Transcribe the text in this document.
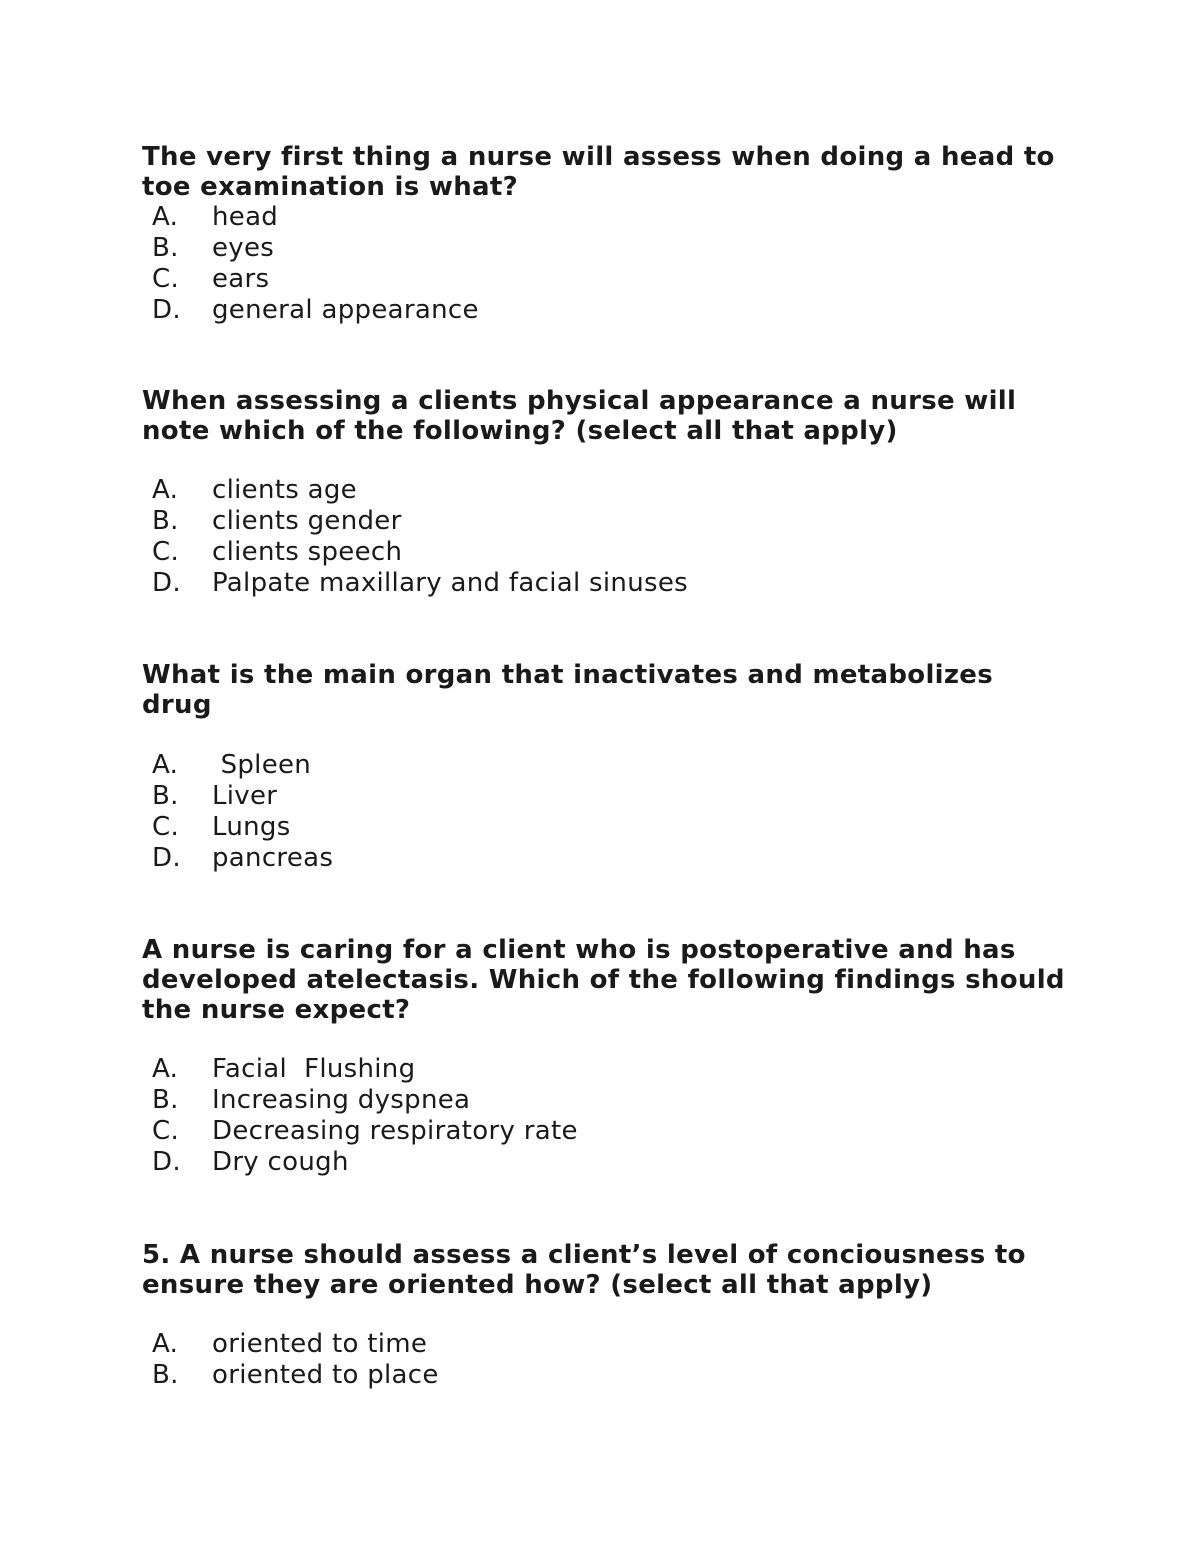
The very first thing a nurse will assess when doing a head to toe examination is what?

A. head
B. eyes
C. ears
D. general appearance

When assessing a clients physical appearance a nurse will note which of the following? (select all that apply)

A. clients age
B. clients gender
C. clients speech
D. Palpate maxillary and facial sinuses

What is the main organ that inactivates and metabolizes drug

A. Spleen
B. Liver
C. Lungs
D. pancreas

A nurse is caring for a client who is postoperative and has developed atelectasis. Which of the following findings should the nurse expect?

A. Facial  Flushing
B. Increasing dyspnea
C. Decreasing respiratory rate
D. Dry cough

5. A nurse should assess a client’s level of conciousness to ensure they are oriented how? (select all that apply)

A. oriented to time
B. oriented to place
